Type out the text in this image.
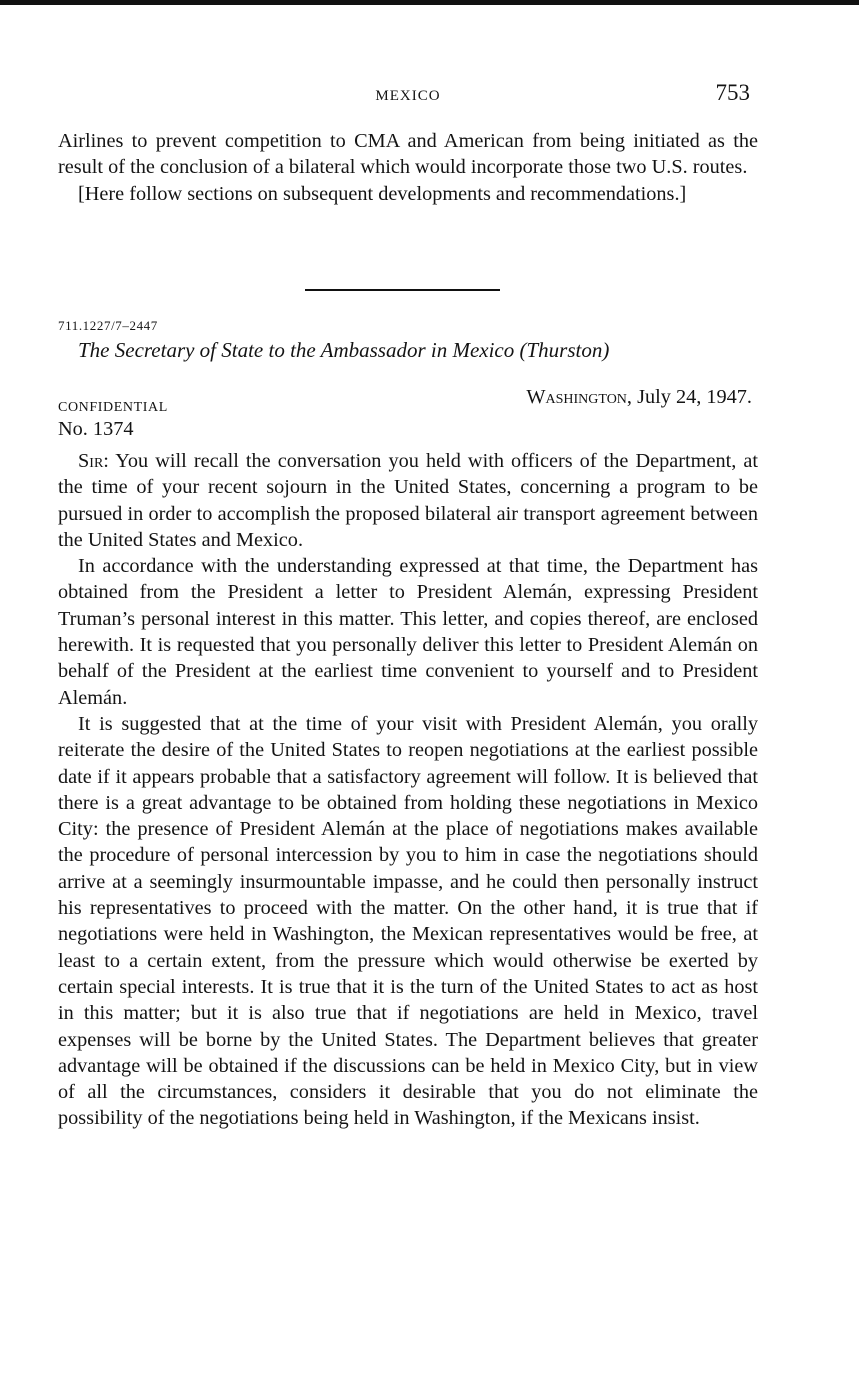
MEXICO	753

Airlines to prevent competition to CMA and American from being initiated as the result of the conclusion of a bilateral which would incorporate those two U.S. routes.

[Here follow sections on subsequent developments and recommendations.]

711.1227/7–2447
The Secretary of State to the Ambassador in Mexico (Thurston)
CONFIDENTIAL	Washington, July 24, 1947.
No. 1374

Sir: You will recall the conversation you held with officers of the Department, at the time of your recent sojourn in the United States, concerning a program to be pursued in order to accomplish the proposed bilateral air transport agreement between the United States and Mexico.

In accordance with the understanding expressed at that time, the Department has obtained from the President a letter to President Alemán, expressing President Truman’s personal interest in this matter. This letter, and copies thereof, are enclosed herewith. It is requested that you personally deliver this letter to President Alemán on behalf of the President at the earliest time convenient to yourself and to President Alemán.

It is suggested that at the time of your visit with President Alemán, you orally reiterate the desire of the United States to reopen negotiations at the earliest possible date if it appears probable that a satisfactory agreement will follow. It is believed that there is a great advantage to be obtained from holding these negotiations in Mexico City: the presence of President Alemán at the place of negotiations makes available the procedure of personal intercession by you to him in case the negotiations should arrive at a seemingly insurmountable impasse, and he could then personally instruct his representatives to proceed with the matter. On the other hand, it is true that if negotiations were held in Washington, the Mexican representatives would be free, at least to a certain extent, from the pressure which would otherwise be exerted by certain special interests. It is true that it is the turn of the United States to act as host in this matter; but it is also true that if negotiations are held in Mexico, travel expenses will be borne by the United States. The Department believes that greater advantage will be obtained if the discussions can be held in Mexico City, but in view of all the circumstances, considers it desirable that you do not eliminate the possibility of the negotiations being held in Washington, if the Mexicans insist.
